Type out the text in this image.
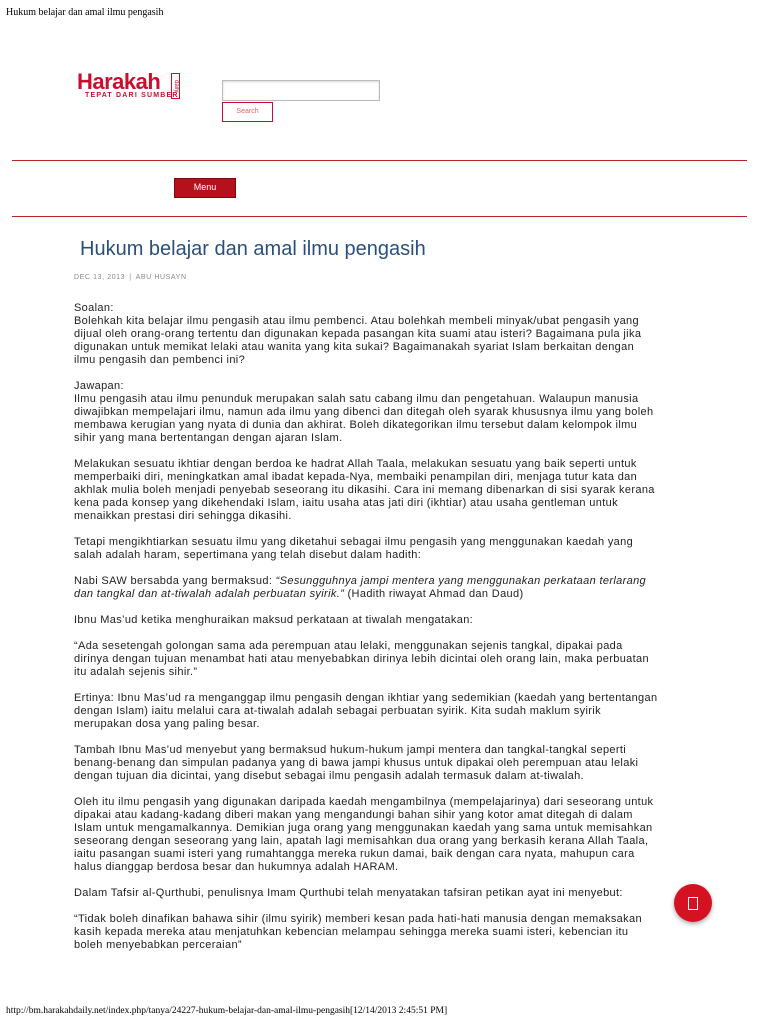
Hukum belajar dan amal ilmu pengasih
Harakah
TEPAT DARI SUMBER
daily
Search
Menu
Hukum belajar dan amal ilmu pengasih
DEC 13, 2013 | ABU HUSAYN

Soalan:
Bolehkah kita belajar ilmu pengasih atau ilmu pembenci. Atau bolehkah membeli minyak/ubat pengasih yang dijual oleh orang-orang tertentu dan digunakan kepada pasangan kita suami atau isteri? Bagaimana pula jika digunakan untuk memikat lelaki atau wanita yang kita sukai? Bagaimanakah syariat Islam berkaitan dengan ilmu pengasih dan pembenci ini?

Jawapan:
Ilmu pengasih atau ilmu penunduk merupakan salah satu cabang ilmu dan pengetahuan. Walaupun manusia diwajibkan mempelajari ilmu, namun ada ilmu yang dibenci dan ditegah oleh syarak khususnya ilmu yang boleh membawa kerugian yang nyata di dunia dan akhirat. Boleh dikategorikan ilmu tersebut dalam kelompok ilmu sihir yang mana bertentangan dengan ajaran Islam.

Melakukan sesuatu ikhtiar dengan berdoa ke hadrat Allah Taala, melakukan sesuatu yang baik seperti untuk memperbaiki diri, meningkatkan amal ibadat kepada-Nya, membaiki penampilan diri, menjaga tutur kata dan akhlak mulia boleh menjadi penyebab seseorang itu dikasihi. Cara ini memang dibenarkan di sisi syarak kerana kena pada konsep yang dikehendaki Islam, iaitu usaha atas jati diri (ikhtiar) atau usaha gentleman untuk menaikkan prestasi diri sehingga dikasihi.

Tetapi mengikhtiarkan sesuatu ilmu yang diketahui sebagai ilmu pengasih yang menggunakan kaedah yang salah adalah haram, sepertimana yang telah disebut dalam hadith:

Nabi SAW bersabda yang bermaksud: “Sesungguhnya jampi mentera yang menggunakan perkataan terlarang dan tangkal dan at-tiwalah adalah perbuatan syirik.” (Hadith riwayat Ahmad dan Daud)

Ibnu Mas’ud ketika menghuraikan maksud perkataan at tiwalah mengatakan:

“Ada sesetengah golongan sama ada perempuan atau lelaki, menggunakan sejenis tangkal, dipakai pada dirinya dengan tujuan menambat hati atau menyebabkan dirinya lebih dicintai oleh orang lain, maka perbuatan itu adalah sejenis sihir.”

Ertinya: Ibnu Mas’ud ra menganggap ilmu pengasih dengan ikhtiar yang sedemikian (kaedah yang bertentangan dengan Islam) iaitu melalui cara at-tiwalah adalah sebagai perbuatan syirik. Kita sudah maklum syirik merupakan dosa yang paling besar.

Tambah Ibnu Mas’ud menyebut yang bermaksud hukum-hukum jampi mentera dan tangkal-tangkal seperti benang-benang dan simpulan padanya yang di bawa jampi khusus untuk dipakai oleh perempuan atau lelaki dengan tujuan dia dicintai, yang disebut sebagai ilmu pengasih adalah termasuk dalam at-tiwalah.

Oleh itu ilmu pengasih yang digunakan daripada kaedah mengambilnya (mempelajarinya) dari seseorang untuk dipakai atau kadang-kadang diberi makan yang mengandungi bahan sihir yang kotor amat ditegah di dalam Islam untuk mengamalkannya. Demikian juga orang yang menggunakan kaedah yang sama untuk memisahkan seseorang dengan seseorang yang lain, apatah lagi memisahkan dua orang yang berkasih kerana Allah Taala, iaitu pasangan suami isteri yang rumahtangga mereka rukun damai, baik dengan cara nyata, mahupun cara halus dianggap berdosa besar dan hukumnya adalah HARAM.

Dalam Tafsir al-Qurthubi, penulisnya Imam Qurthubi telah menyatakan tafsiran petikan ayat ini menyebut:

“Tidak boleh dinafikan bahawa sihir (ilmu syirik) memberi kesan pada hati-hati manusia dengan memaksakan kasih kepada mereka atau menjatuhkan kebencian melampau sehingga mereka suami isteri, kebencian itu boleh menyebabkan perceraian”

http://bm.harakahdaily.net/index.php/tanya/24227-hukum-belajar-dan-amal-ilmu-pengasih[12/14/2013 2:45:51 PM]
